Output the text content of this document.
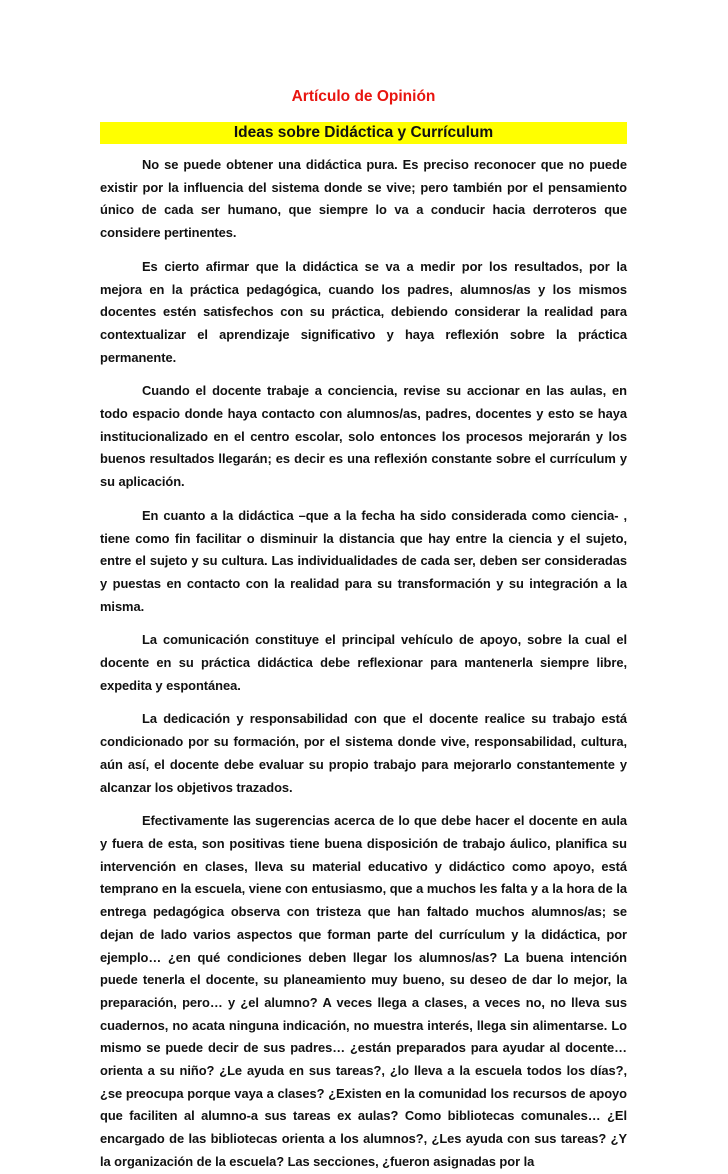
Artículo de Opinión
Ideas sobre Didáctica y Currículum

No se puede obtener una didáctica pura. Es preciso reconocer que no puede existir por la influencia del sistema donde se vive; pero también por el pensamiento único de cada ser humano, que siempre lo va a conducir hacia derroteros que considere pertinentes.

Es cierto afirmar que la didáctica se va a medir por los resultados, por la mejora en la práctica pedagógica, cuando los padres, alumnos/as y los mismos docentes estén satisfechos con su práctica, debiendo considerar la realidad para contextualizar el aprendizaje significativo y haya reflexión sobre la práctica permanente.

Cuando el docente trabaje a conciencia, revise su accionar en las aulas, en todo espacio donde haya contacto con alumnos/as, padres, docentes y esto se haya institucionalizado en el centro escolar, solo entonces los procesos mejorarán y los buenos resultados llegarán; es decir es una reflexión constante sobre el currículum y su aplicación.

En cuanto a la didáctica –que a la fecha ha sido considerada como ciencia- , tiene como fin facilitar o disminuir la distancia que hay entre la ciencia y el sujeto, entre el sujeto y su cultura. Las individualidades de cada ser, deben ser consideradas y puestas en contacto con la realidad para su transformación y su integración a la misma.

La comunicación constituye el principal vehículo de apoyo, sobre la cual el docente en su práctica didáctica debe reflexionar para mantenerla siempre libre, expedita y espontánea.

La dedicación y responsabilidad con que el docente realice su trabajo está condicionado por su formación, por el sistema donde vive, responsabilidad, cultura, aún así, el docente debe evaluar su propio trabajo para mejorarlo constantemente y alcanzar los objetivos trazados.

Efectivamente las sugerencias acerca de lo que debe hacer el docente en aula y fuera de esta, son positivas tiene buena disposición de trabajo áulico, planifica su intervención en clases, lleva su material educativo y didáctico como apoyo, está temprano en la escuela, viene con entusiasmo, que a muchos les falta y a la hora de la entrega pedagógica observa con tristeza que han faltado muchos alumnos/as; se dejan de lado varios aspectos que forman parte del currículum y la didáctica, por ejemplo… ¿en qué condiciones deben llegar los alumnos/as? La buena intención puede tenerla el docente, su planeamiento muy bueno, su deseo de dar lo mejor, la preparación, pero… y ¿el alumno? A veces llega a clases, a veces no, no lleva sus cuadernos, no acata ninguna indicación, no muestra interés, llega sin alimentarse. Lo mismo se puede decir de sus padres… ¿están preparados para ayudar al docente… orienta a su niño? ¿Le ayuda en sus tareas?, ¿lo lleva a la escuela todos los días?, ¿se preocupa porque vaya a clases? ¿Existen en la comunidad los recursos de apoyo que faciliten al alumno-a sus tareas ex aulas? Como bibliotecas comunales… ¿El encargado de las bibliotecas orienta a los alumnos?, ¿Les ayuda con sus tareas? ¿Y la organización de la escuela? Las secciones, ¿fueron asignadas por la
